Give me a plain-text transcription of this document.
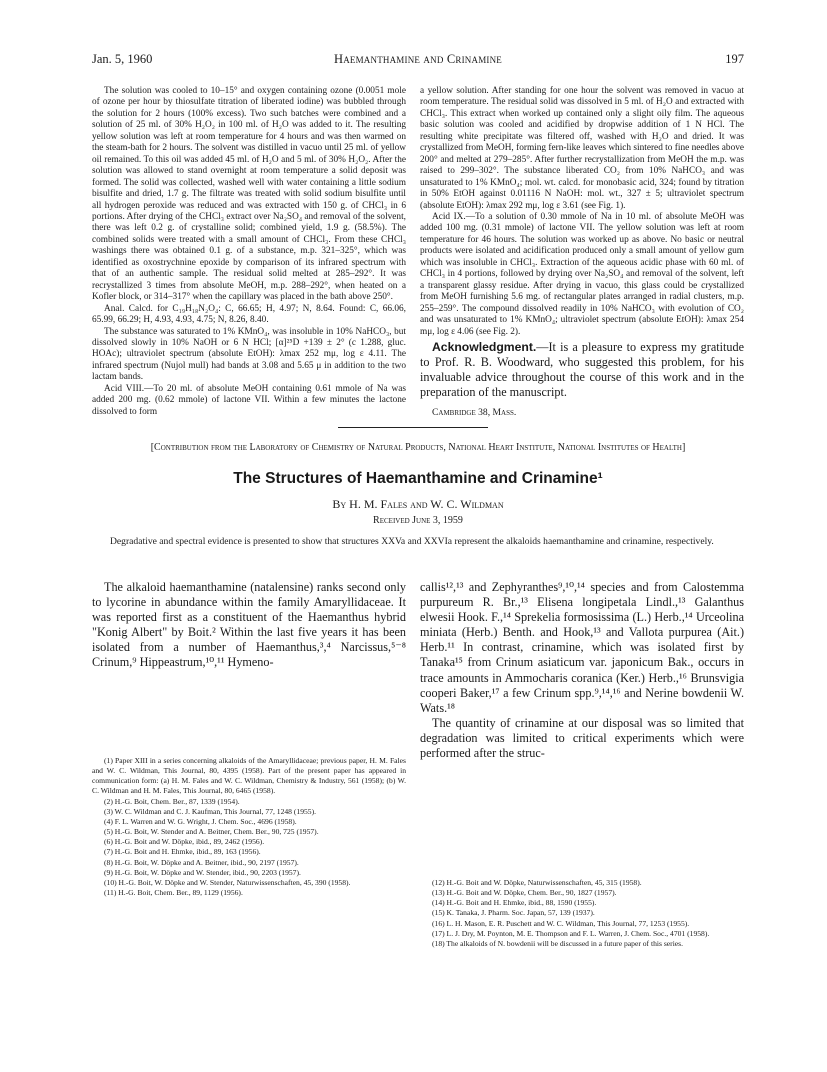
Jan. 5, 1960	Haemanthamine and Crinamine	197

The solution was cooled to 10–15° and oxygen containing ozone (0.0051 mole of ozone per hour by thiosulfate titration of liberated iodine) was bubbled through the solution for 2 hours (100% excess). Two such batches were combined and a solution of 25 ml. of 30% H₂O₂ in 100 ml. of H₂O was added to it. The resulting yellow solution was left at room temperature for 4 hours and was then warmed on the steam-bath for 2 hours. The solvent was distilled in vacuo until 25 ml. of yellow oil remained. To this oil was added 45 ml. of H₂O and 5 ml. of 30% H₂O₂. After the solution was allowed to stand overnight at room temperature a solid deposit was formed. The solid was collected, washed well with water containing a little sodium bisulfite and dried, 1.7 g. The filtrate was treated with solid sodium bisulfite until all hydrogen peroxide was reduced and was extracted with 150 g. of CHCl₃ in 6 portions. After drying of the CHCl₃ extract over Na₂SO₄ and removal of the solvent, there was left 0.2 g. of crystalline solid; combined yield, 1.9 g. (58.5%). The combined solids were treated with a small amount of CHCl₃. From these CHCl₃ washings there was obtained 0.1 g. of a substance, m.p. 321–325°, which was identified as oxostrychnine epoxide by comparison of its infrared spectrum with that of an authentic sample. The residual solid melted at 285–292°. It was recrystallized 3 times from absolute MeOH, m.p. 288–292°, when heated on a Kofler block, or 314–317° when the capillary was placed in the bath above 250°.

Anal. Calcd. for C₁₉H₁₈N₂O₄: C, 66.65; H, 4.97; N, 8.64. Found: C, 66.06, 65.99, 66.29; H, 4.93, 4.93, 4.75; N, 8.26, 8.40.

The substance was saturated to 1% KMnO₄, was insoluble in 10% NaHCO₃, but dissolved slowly in 10% NaOH or 6 N HCl; [α]²⁵D +139 ± 2° (c 1.288, gluc. HOAc); ultraviolet spectrum (absolute EtOH): λmax 252 mμ, log ε 4.11. The infrared spectrum (Nujol mull) had bands at 3.08 and 5.65 μ in addition to the two lactam bands.

Acid VIII.—To 20 ml. of absolute MeOH containing 0.61 mmole of Na was added 200 mg. (0.62 mmole) of lactone VII. Within a few minutes the lactone dissolved to form

a yellow solution. After standing for one hour the solvent was removed in vacuo at room temperature. The residual solid was dissolved in 5 ml. of H₂O and extracted with CHCl₃. This extract when worked up contained only a slight oily film. The aqueous basic solution was cooled and acidified by dropwise addition of 1 N HCl. The resulting white precipitate was filtered off, washed with H₂O and dried. It was crystallized from MeOH, forming fern-like leaves which sintered to fine needles above 200° and melted at 279–285°. After further recrystallization from MeOH the m.p. was raised to 299–302°. The substance liberated CO₂ from 10% NaHCO₃ and was unsaturated to 1% KMnO₄; mol. wt. calcd. for monobasic acid, 324; found by titration in 50% EtOH against 0.01116 N NaOH: mol. wt., 327 ± 5; ultraviolet spectrum (absolute EtOH): λmax 292 mμ, log ε 3.61 (see Fig. 1).

Acid IX.—To a solution of 0.30 mmole of Na in 10 ml. of absolute MeOH was added 100 mg. (0.31 mmole) of lactone VII. The yellow solution was left at room temperature for 46 hours. The solution was worked up as above. No basic or neutral products were isolated and acidification produced only a small amount of yellow gum which was insoluble in CHCl₃. Extraction of the aqueous acidic phase with 60 ml. of CHCl₃ in 4 portions, followed by drying over Na₂SO₄ and removal of the solvent, left a transparent glassy residue. After drying in vacuo, this glass could be crystallized from MeOH furnishing 5.6 mg. of rectangular plates arranged in radial clusters, m.p. 255–259°. The compound dissolved readily in 10% NaHCO₃ with evolution of CO₂ and was unsaturated to 1% KMnO₄; ultraviolet spectrum (absolute EtOH): λmax 254 mμ, log ε 4.06 (see Fig. 2).

Acknowledgment.—It is a pleasure to express my gratitude to Prof. R. B. Woodward, who suggested this problem, for his invaluable advice throughout the course of this work and in the preparation of the manuscript.

Cambridge 38, Mass.

[Contribution from the Laboratory of Chemistry of Natural Products, National Heart Institute, National Institutes of Health]
The Structures of Haemanthamine and Crinamine¹
By H. M. Fales and W. C. Wildman
Received June 3, 1959
Degradative and spectral evidence is presented to show that structures XXVa and XXVIa represent the alkaloids haemanthamine and crinamine, respectively.

The alkaloid haemanthamine (natalensine) ranks second only to lycorine in abundance within the family Amaryllidaceae. It was reported first as a constituent of the Haemanthus hybrid "Konig Albert" by Boit.² Within the last five years it has been isolated from a number of Haemanthus,³,⁴ Narcissus,⁵⁻⁸ Crinum,⁹ Hippeastrum,¹⁰,¹¹ Hymeno-

callis¹²,¹³ and Zephyranthes⁹,¹⁰,¹⁴ species and from Calostemma purpureum R. Br.,¹³ Elisena longipetala Lindl.,¹³ Galanthus elwesii Hook. F.,¹⁴ Sprekelia formosissima (L.) Herb.,¹⁴ Urceolina miniata (Herb.) Benth. and Hook,¹³ and Vallota purpurea (Ait.) Herb.¹¹ In contrast, crinamine, which was isolated first by Tanaka¹⁵ from Crinum asiaticum var. japonicum Bak., occurs in trace amounts in Ammocharis coranica (Ker.) Herb.,¹⁶ Brunsvigia cooperi Baker,¹⁷ a few Crinum spp.⁹,¹⁴,¹⁶ and Nerine bowdenii W. Wats.¹⁸

The quantity of crinamine at our disposal was so limited that degradation was limited to critical experiments which were performed after the struc-

(1) Paper XIII in a series concerning alkaloids of the Amaryllidaceae; previous paper, H. M. Fales and W. C. Wildman, This Journal, 80, 4395 (1958). Part of the present paper has appeared in communication form: (a) H. M. Fales and W. C. Wildman, Chemistry & Industry, 561 (1958); (b) W. C. Wildman and H. M. Fales, This Journal, 80, 6465 (1958).

(2) H.-G. Boit, Chem. Ber., 87, 1339 (1954).

(3) W. C. Wildman and C. J. Kaufman, This Journal, 77, 1248 (1955).

(4) F. L. Warren and W. G. Wright, J. Chem. Soc., 4696 (1958).

(5) H.-G. Boit, W. Stender and A. Beitner, Chem. Ber., 90, 725 (1957).

(6) H.-G. Boit and W. Döpke, ibid., 89, 2462 (1956).

(7) H.-G. Boit and H. Ehmke, ibid., 89, 163 (1956).

(8) H.-G. Boit, W. Döpke and A. Beitner, ibid., 90, 2197 (1957).

(9) H.-G. Boit, W. Döpke and W. Stender, ibid., 90, 2203 (1957).

(10) H.-G. Boit, W. Döpke and W. Stender, Naturwissenschaften, 45, 390 (1958).

(11) H.-G. Boit, Chem. Ber., 89, 1129 (1956).

(12) H.-G. Boit and W. Döpke, Naturwissenschaften, 45, 315 (1958).

(13) H.-G. Boit and W. Döpke, Chem. Ber., 90, 1827 (1957).

(14) H.-G. Boit and H. Ehmke, ibid., 88, 1590 (1955).

(15) K. Tanaka, J. Pharm. Soc. Japan, 57, 139 (1937).

(16) L. H. Mason, E. R. Puschett and W. C. Wildman, This Journal, 77, 1253 (1955).

(17) L. J. Dry, M. Poynton, M. E. Thompson and F. L. Warren, J. Chem. Soc., 4701 (1958).

(18) The alkaloids of N. bowdenii will be discussed in a future paper of this series.
